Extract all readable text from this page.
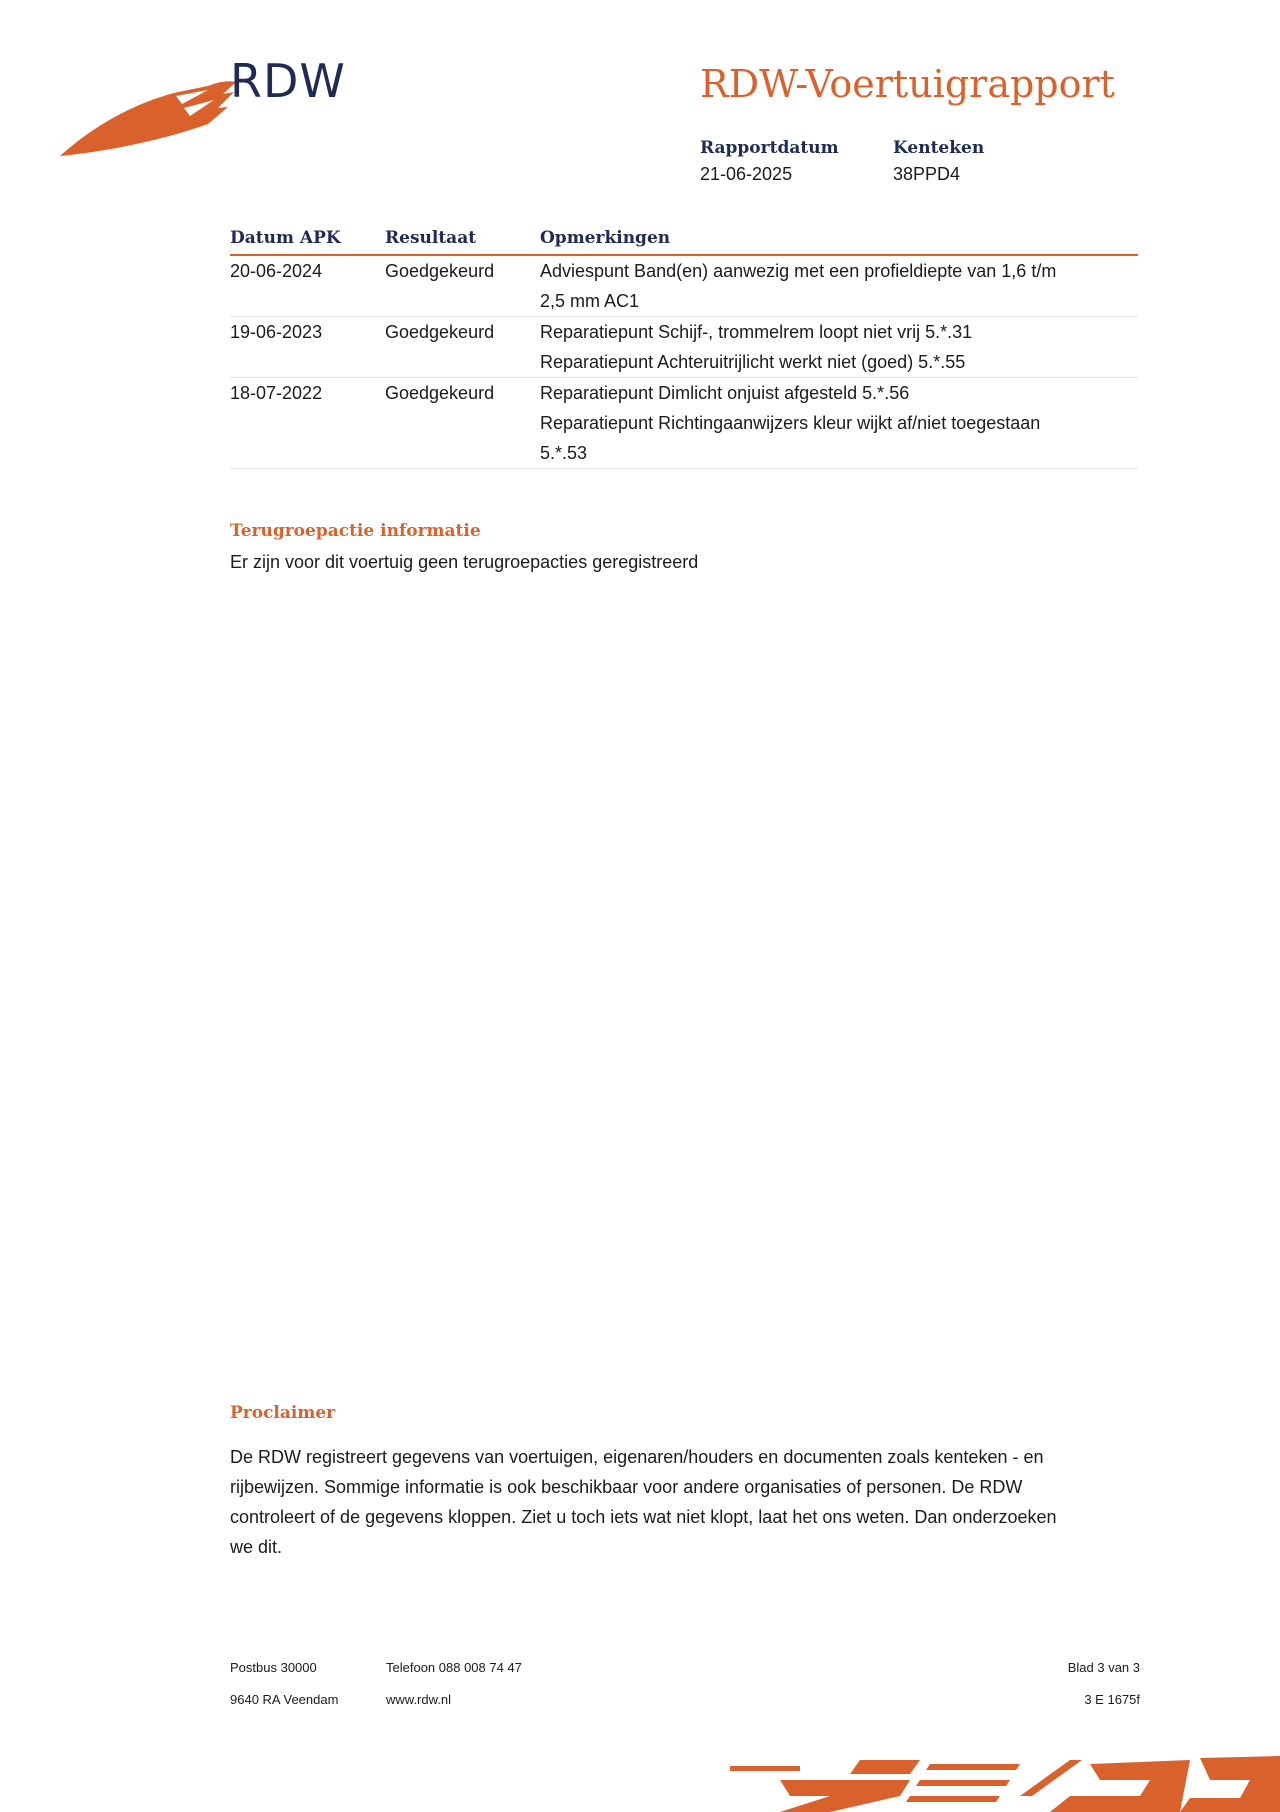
RDW	RDW-Voertuigrapport
Rapportdatum
21-06-2025
Kenteken
38PPD4
Datum APK	Resultaat	Opmerkingen
20-06-2024	Goedgekeurd	Adviespunt Band(en) aanwezig met een profieldiepte van 1,6 t/m
2,5 mm AC1

19-06-2023	Goedgekeurd	Reparatiepunt Schijf-, trommelrem loopt niet vrij 5.*.31
Reparatiepunt Achteruitrijlicht werkt niet (goed) 5.*.55

18-07-2022	Goedgekeurd	Reparatiepunt Dimlicht onjuist afgesteld 5.*.56
Reparatiepunt Richtingaanwijzers kleur wijkt af/niet toegestaan
5.*.53
Terugroepactie informatie
Er zijn voor dit voertuig geen terugroepacties geregistreerd
Proclaimer
De RDW registreert gegevens van voertuigen, eigenaren/houders en documenten zoals kenteken - en
rijbewijzen. Sommige informatie is ook beschikbaar voor andere organisaties of personen. De RDW
controleert of de gegevens kloppen. Ziet u toch iets wat niet klopt, laat het ons weten. Dan onderzoeken
we dit.
Postbus 30000
9640 RA Veendam
Telefoon 088 008 74 47
www.rdw.nl
Blad 3 van 3
3 E 1675f
